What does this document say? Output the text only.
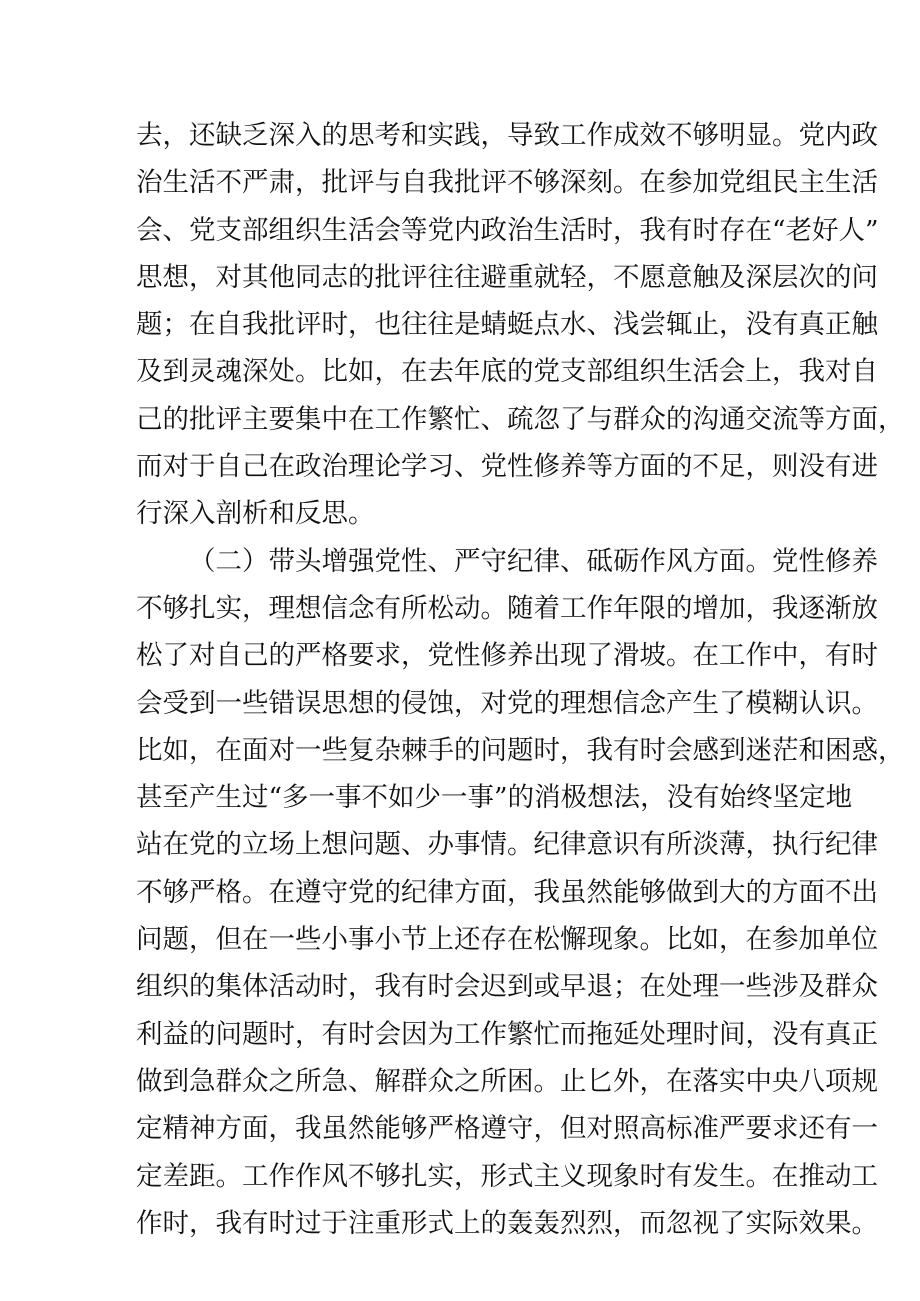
去，还缺乏深入的思考和实践，导致工作成效不够明显。党内政
治生活不严肃，批评与自我批评不够深刻。在参加党组民主生活
会、党支部组织生活会等党内政治生活时，我有时存在“老好人”
思想，对其他同志的批评往往避重就轻，不愿意触及深层次的问
题；在自我批评时，也往往是蜻蜓点水、浅尝辄止，没有真正触
及到灵魂深处。比如，在去年底的党支部组织生活会上，我对自
己的批评主要集中在工作繁忙、疏忽了与群众的沟通交流等方面，
而对于自己在政治理论学习、党性修养等方面的不足，则没有进
行深入剖析和反思。
（二）带头增强党性、严守纪律、砥砺作风方面。党性修养
不够扎实，理想信念有所松动。随着工作年限的增加，我逐渐放
松了对自己的严格要求，党性修养出现了滑坡。在工作中，有时
会受到一些错误思想的侵蚀，对党的理想信念产生了模糊认识。
比如，在面对一些复杂棘手的问题时，我有时会感到迷茫和困惑，
甚至产生过“多一事不如少一事”的消极想法，没有始终坚定地
站在党的立场上想问题、办事情。纪律意识有所淡薄，执行纪律
不够严格。在遵守党的纪律方面，我虽然能够做到大的方面不出
问题，但在一些小事小节上还存在松懈现象。比如，在参加单位
组织的集体活动时，我有时会迟到或早退；在处理一些涉及群众
利益的问题时，有时会因为工作繁忙而拖延处理时间，没有真正
做到急群众之所急、解群众之所困。止匕外，在落实中央八项规
定精神方面，我虽然能够严格遵守，但对照高标准严要求还有一
定差距。工作作风不够扎实，形式主义现象时有发生。在推动工
作时，我有时过于注重形式上的轰轰烈烈，而忽视了实际效果。
